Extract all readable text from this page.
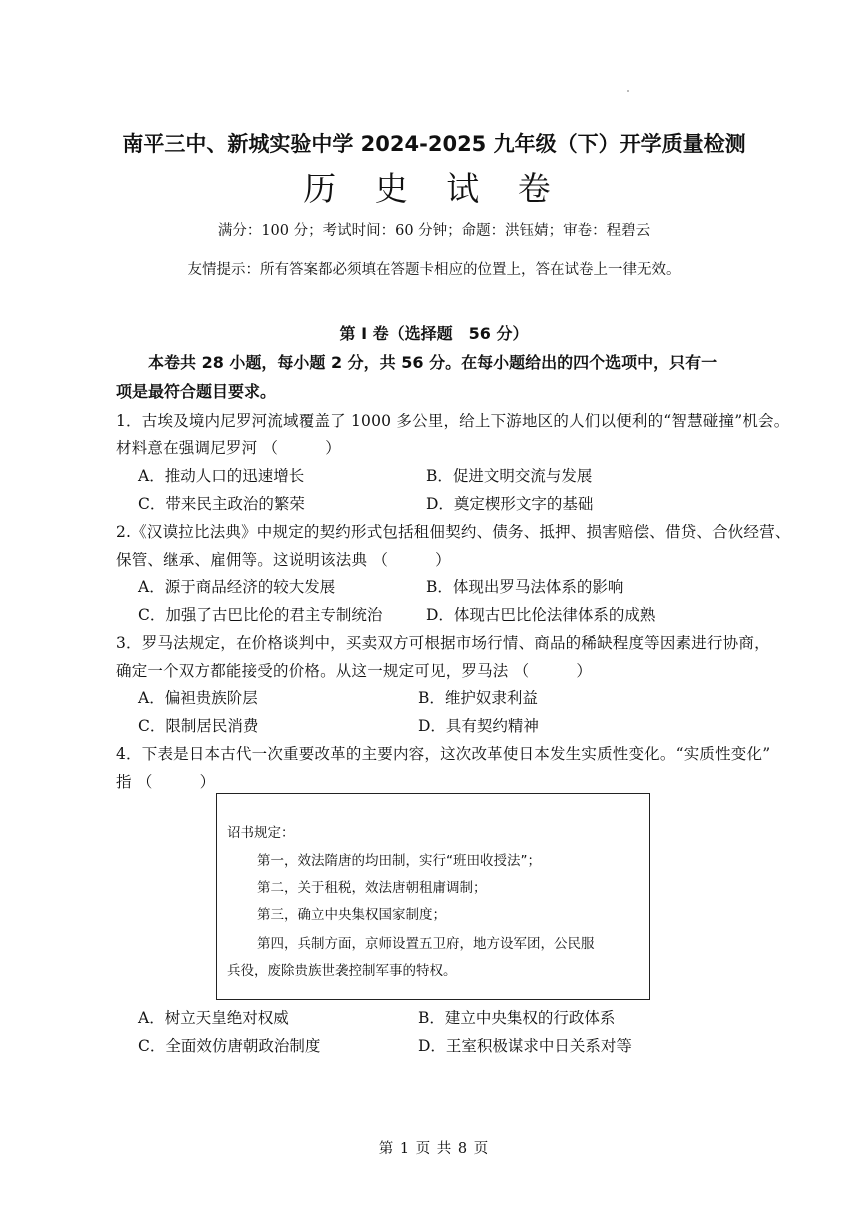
南平三中、新城实验中学 2024-2025 九年级（下）开学质量检测
历 史 试 卷
满分：100 分；考试时间：60 分钟；命题：洪钰婧；审卷：程碧云
友情提示：所有答案都必须填在答题卡相应的位置上，答在试卷上一律无效。
第 I 卷（选择题　56 分）
本卷共 28 小题，每小题 2 分，共 56 分。在每小题给出的四个选项中，只有一
项是最符合题目要求。
1．古埃及境内尼罗河流域覆盖了 1000 多公里，给上下游地区的人们以便利的“智慧碰撞”机会。
材料意在强调尼罗河 （　　　）
A．推动人口的迅速增长	B．促进文明交流与发展
C．带来民主政治的繁荣	D．奠定楔形文字的基础
2.《汉谟拉比法典》中规定的契约形式包括租佃契约、债务、抵押、损害赔偿、借贷、合伙经营、
保管、继承、雇佣等。这说明该法典 （　　　）
A．源于商品经济的较大发展	B．体现出罗马法体系的影响
C．加强了古巴比伦的君主专制统治	D．体现古巴比伦法律体系的成熟
3．罗马法规定，在价格谈判中，买卖双方可根据市场行情、商品的稀缺程度等因素进行协商，
确定一个双方都能接受的价格。从这一规定可见，罗马法 （　　　）
A．偏袒贵族阶层	B．维护奴隶利益
C．限制居民消费	D．具有契约精神
4．下表是日本古代一次重要改革的主要内容，这次改革使日本发生实质性变化。“实质性变化”
指 （　　　）
诏书规定：
第一，效法隋唐的均田制，实行“班田收授法”；
第二，关于租税，效法唐朝租庸调制；
第三，确立中央集权国家制度；
第四，兵制方面，京师设置五卫府，地方设军团，公民服
兵役，废除贵族世袭控制军事的特权。
A．树立天皇绝对权威	B．建立中央集权的行政体系
C．全面效仿唐朝政治制度	D．王室积极谋求中日关系对等
第 1 页 共 8 页
